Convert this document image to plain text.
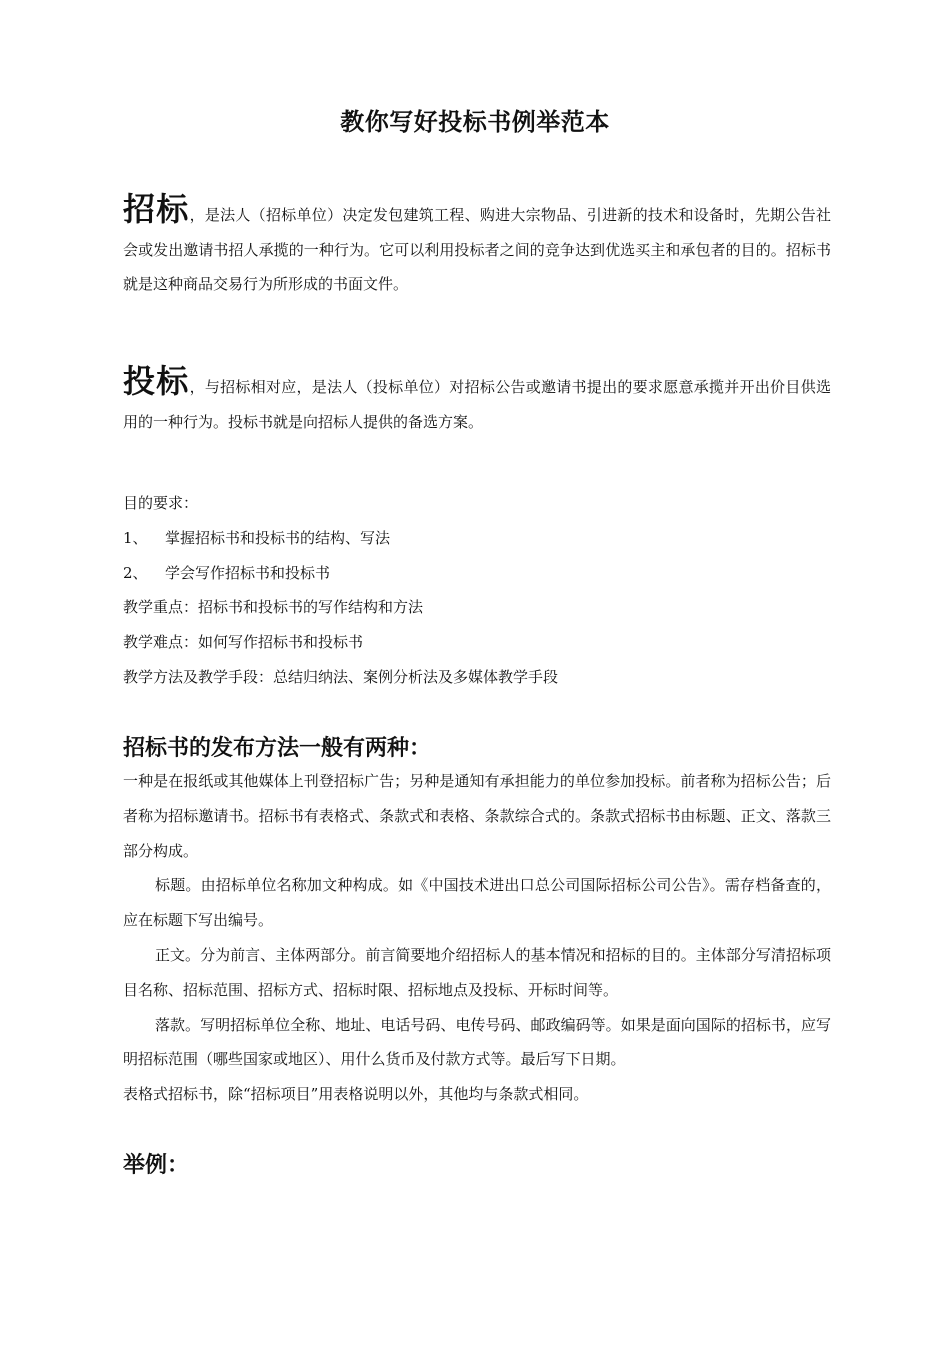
教你写好投标书例举范本
招标，是法人（招标单位）决定发包建筑工程、购进大宗物品、引进新的技术和设备时，先期公告社会或发出邀请书招人承揽的一种行为。它可以利用投标者之间的竞争达到优选买主和承包者的目的。招标书就是这种商品交易行为所形成的书面文件。
投标，与招标相对应，是法人（投标单位）对招标公告或邀请书提出的要求愿意承揽并开出价目供选用的一种行为。投标书就是向招标人提供的备选方案。
目的要求：
1、 掌握招标书和投标书的结构、写法
2、 学会写作招标书和投标书
教学重点：招标书和投标书的写作结构和方法
教学难点：如何写作招标书和投标书
教学方法及教学手段：总结归纳法、案例分析法及多媒体教学手段
招标书的发布方法一般有两种：

一种是在报纸或其他媒体上刊登招标广告；另种是通知有承担能力的单位参加投标。前者称为招标公告；后者称为招标邀请书。招标书有表格式、条款式和表格、条款综合式的。条款式招标书由标题、正文、落款三部分构成。

标题。由招标单位名称加文种构成。如《中国技术进出口总公司国际招标公司公告》。需存档备查的，应在标题下写出编号。

正文。分为前言、主体两部分。前言简要地介绍招标人的基本情况和招标的目的。主体部分写清招标项目名称、招标范围、招标方式、招标时限、招标地点及投标、开标时间等。

落款。写明招标单位全称、地址、电话号码、电传号码、邮政编码等。如果是面向国际的招标书，应写明招标范围（哪些国家或地区）、用什么货币及付款方式等。最后写下日期。

表格式招标书，除“招标项目”用表格说明以外，其他均与条款式相同。

举例：
